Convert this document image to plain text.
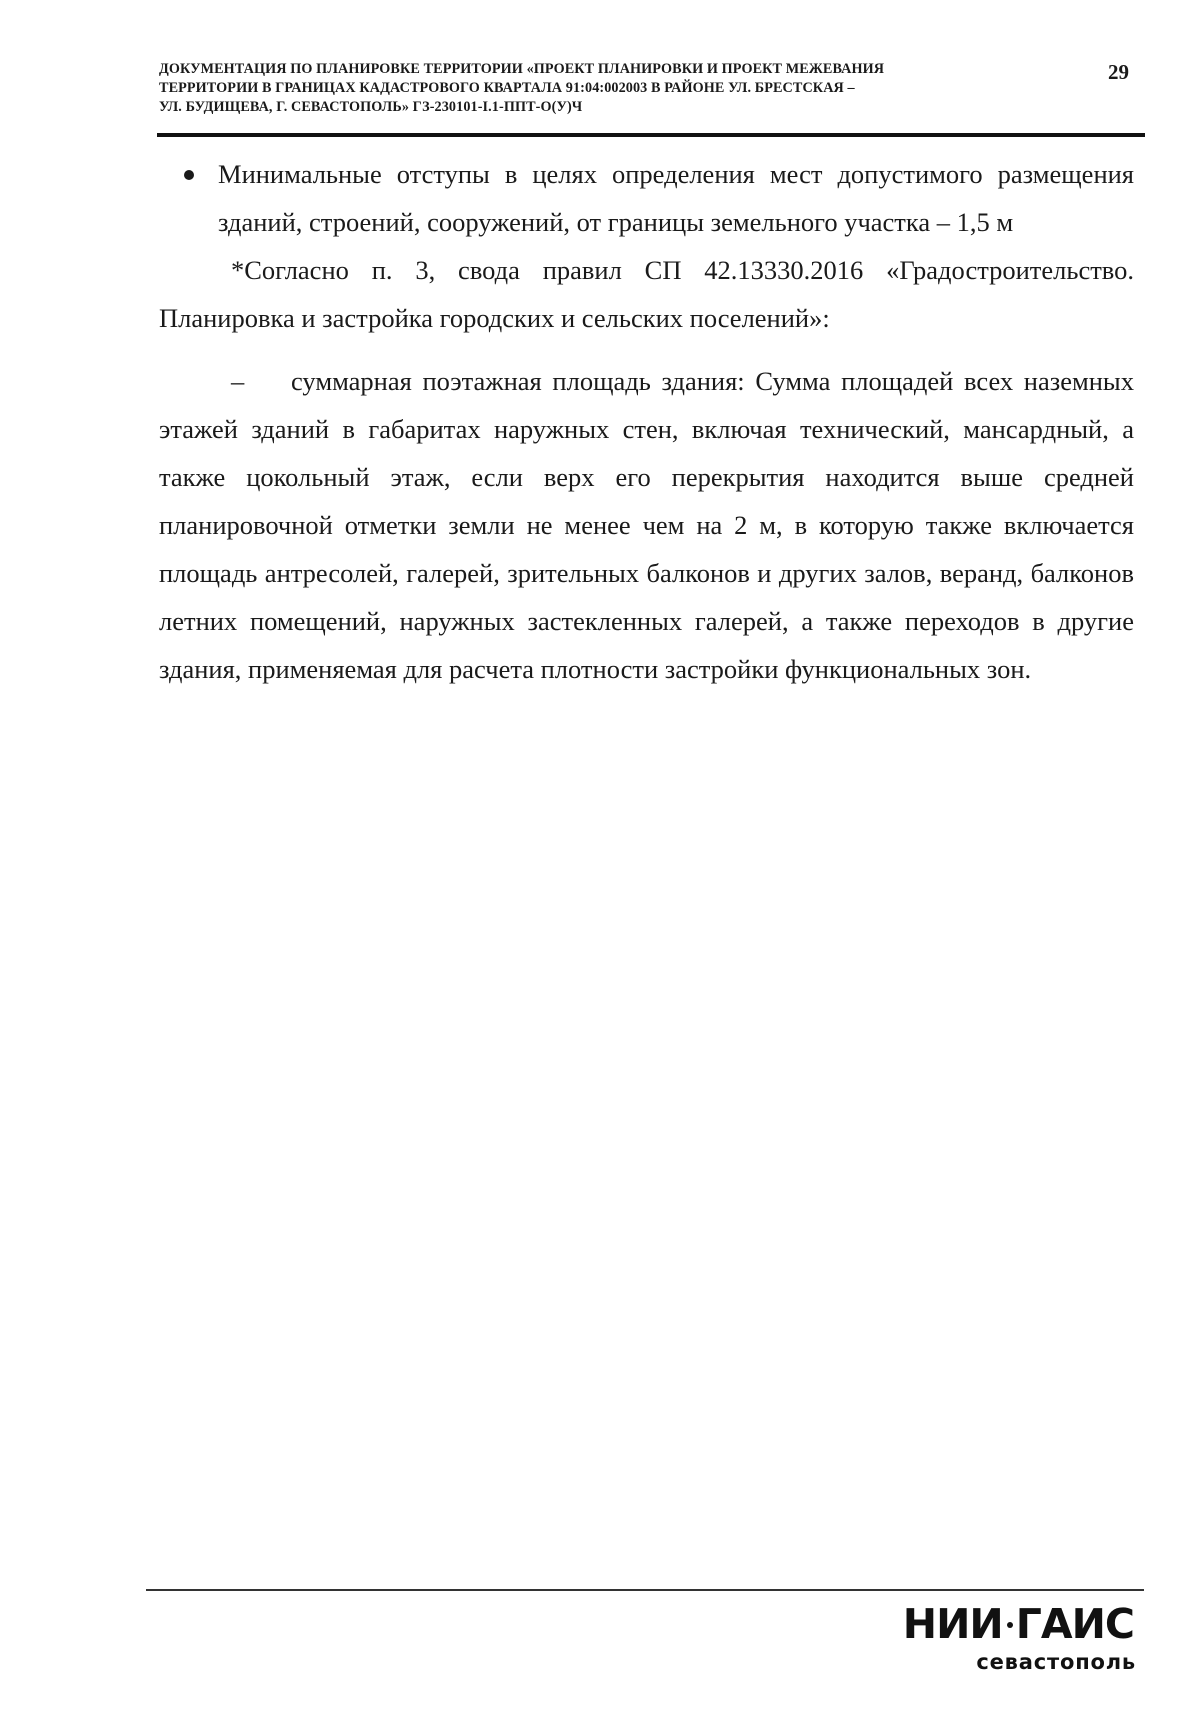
ДОКУМЕНТАЦИЯ ПО ПЛАНИРОВКЕ ТЕРРИТОРИИ «ПРОЕКТ ПЛАНИРОВКИ И ПРОЕКТ МЕЖЕВАНИЯ
ТЕРРИТОРИИ В ГРАНИЦАХ КАДАСТРОВОГО КВАРТАЛА 91:04:002003 В РАЙОНЕ УЛ. БРЕСТСКАЯ –
УЛ. БУДИЩЕВА, Г. СЕВАСТОПОЛЬ» ГЗ-230101-I.1-ППТ-О(У)Ч
29
Минимальные отступы в целях определения мест допустимого размещения зданий, строений, сооружений, от границы земельного участка – 1,5 м

*Согласно п. 3, свода правил СП 42.13330.2016 «Градостроительство. Планировка и застройка городских и сельских поселений»:

– суммарная поэтажная площадь здания: Сумма площадей всех наземных этажей зданий в габаритах наружных стен, включая технический, мансардный, а также цокольный этаж, если верх его перекрытия находится выше средней планировочной отметки земли не менее чем на 2 м, в которую также включается площадь антресолей, галерей, зрительных балконов и других залов, веранд, балконов летних помещений, наружных застекленных галерей, а также переходов в другие здания, применяемая для расчета плотности застройки функциональных зон.

НИИ ГАИС
севастополь
